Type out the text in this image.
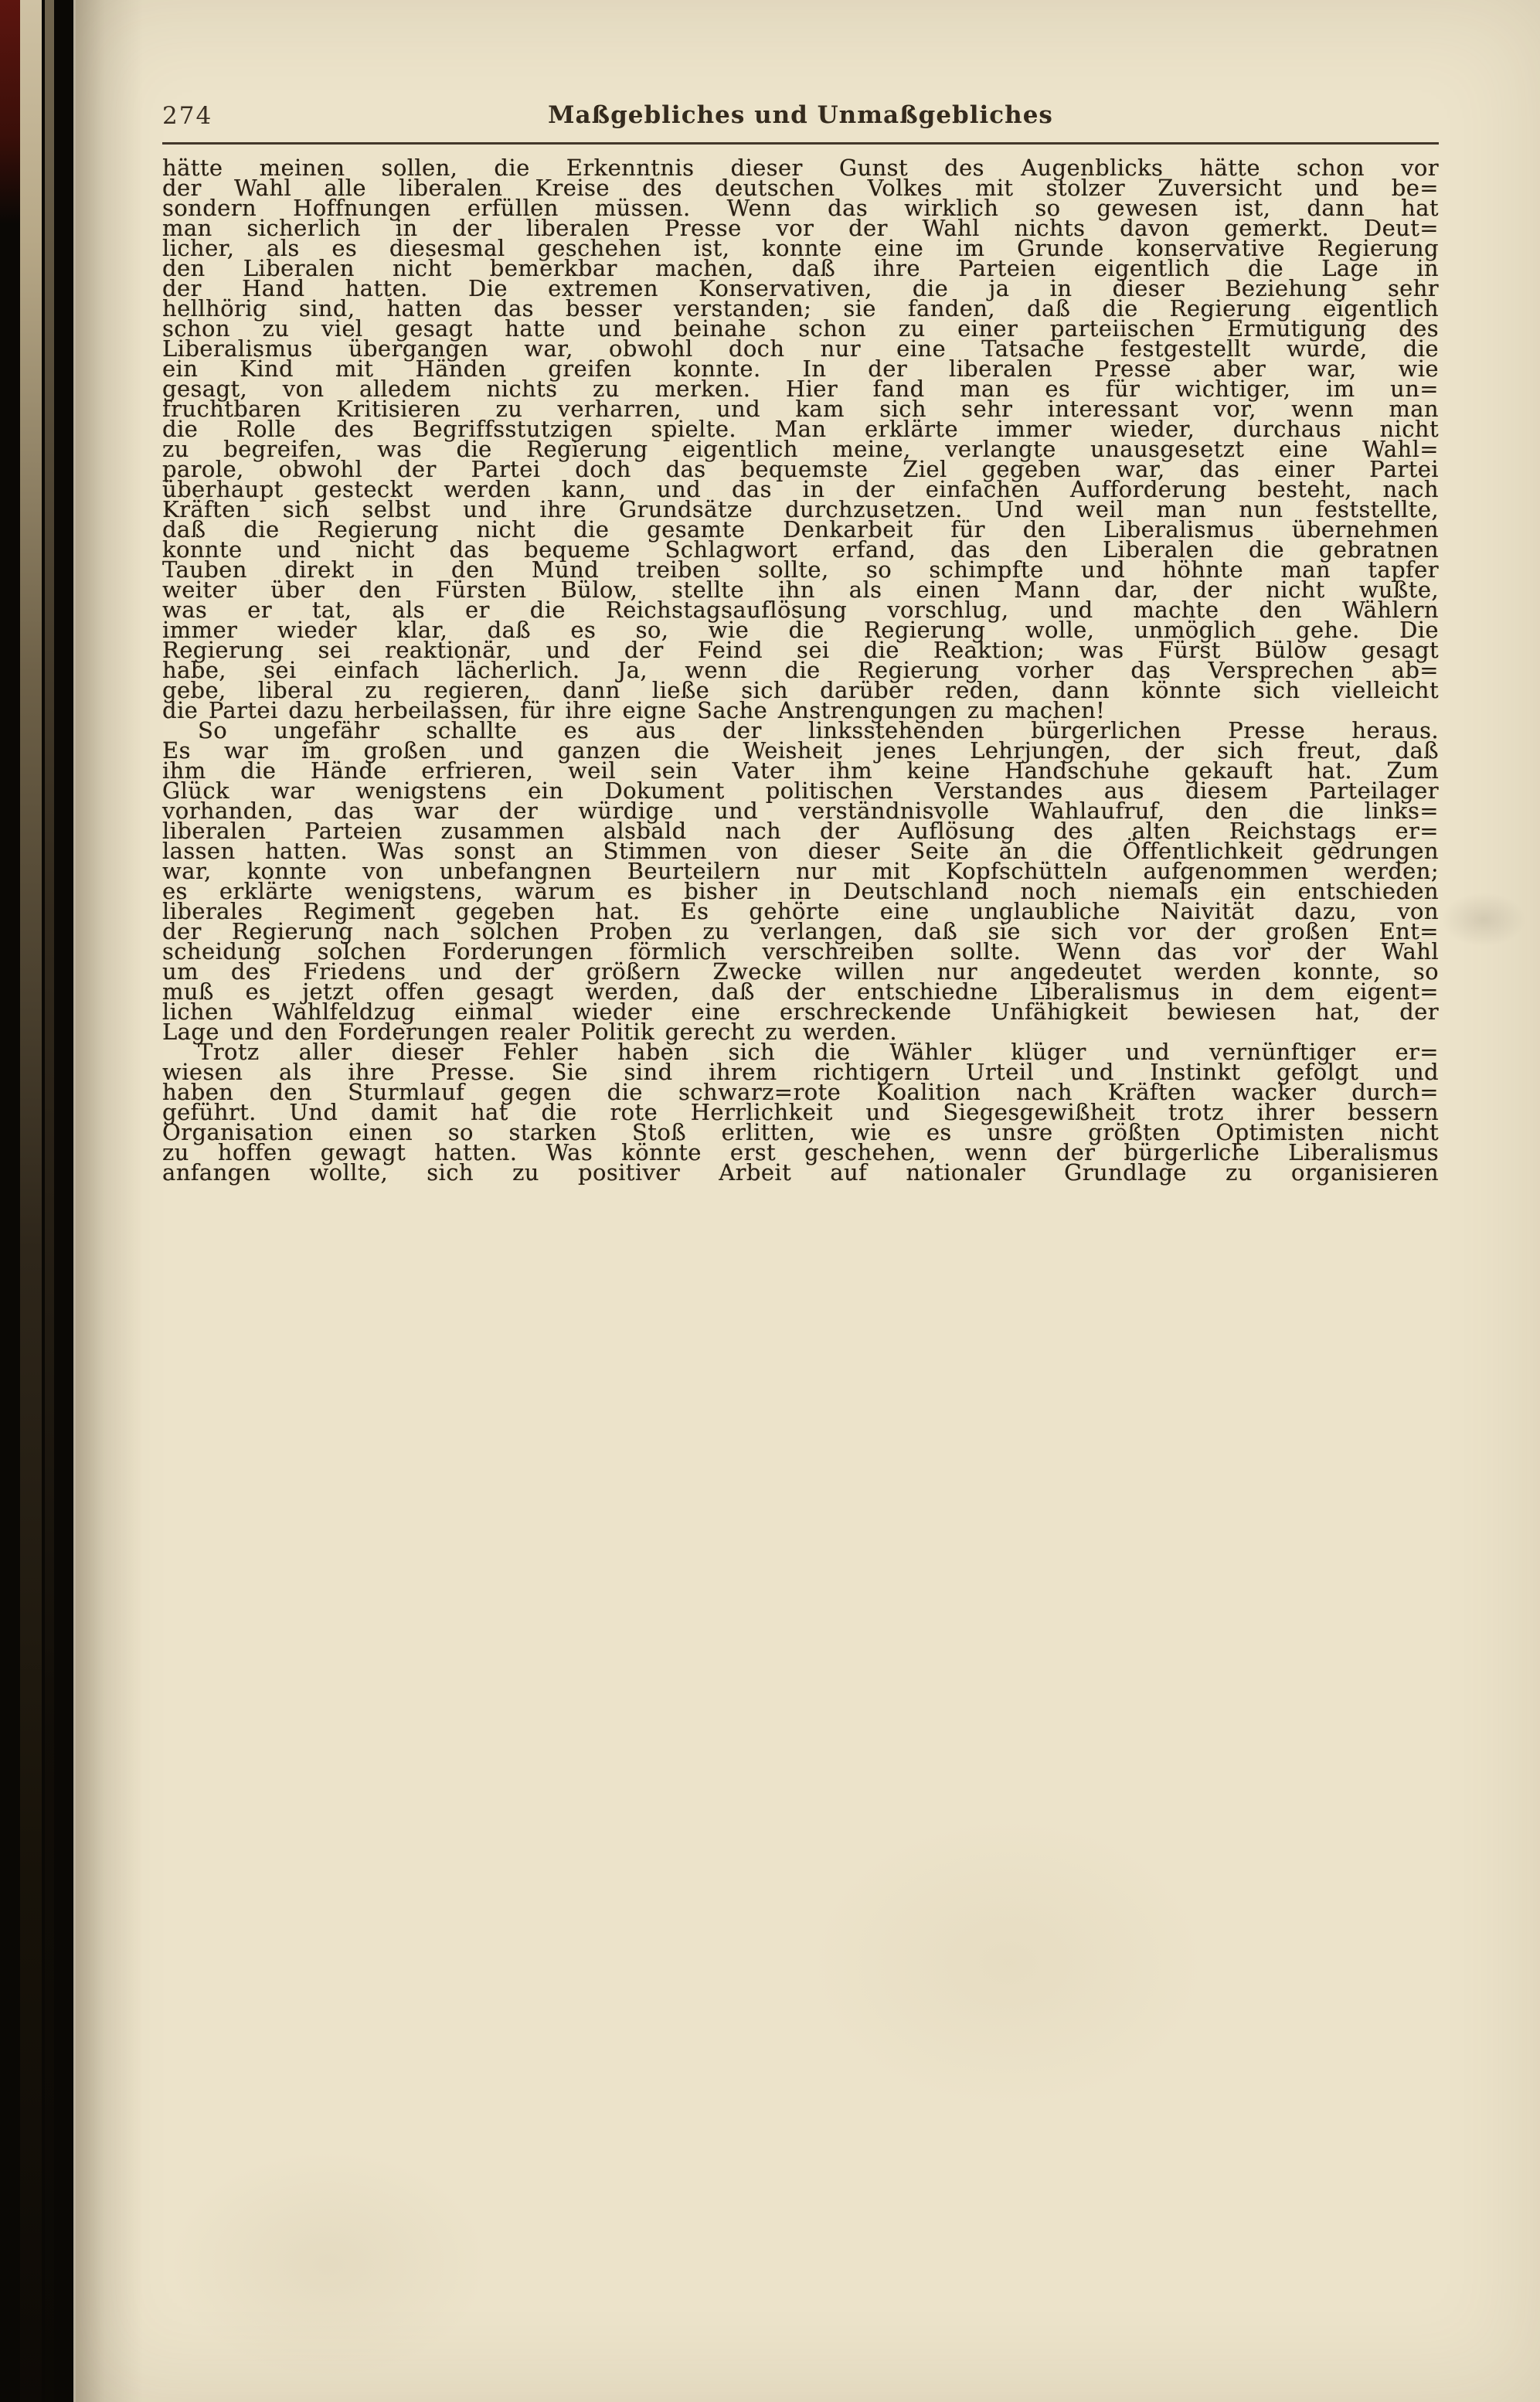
274	Maßgebliches und Unmaßgebliches
hätte meinen sollen, die Erkenntnis dieser Gunst des Augenblicks hätte schon vor
der Wahl alle liberalen Kreise des deutschen Volkes mit stolzer Zuversicht und be=
sondern Hoffnungen erfüllen müssen. Wenn das wirklich so gewesen ist, dann hat
man sicherlich in der liberalen Presse vor der Wahl nichts davon gemerkt. Deut=
licher, als es diesesmal geschehen ist, konnte eine im Grunde konservative Regierung
den Liberalen nicht bemerkbar machen, daß ihre Parteien eigentlich die Lage in
der Hand hatten. Die extremen Konservativen, die ja in dieser Beziehung sehr
hellhörig sind, hatten das besser verstanden; sie fanden, daß die Regierung eigentlich
schon zu viel gesagt hatte und beinahe schon zu einer parteiischen Ermutigung des
Liberalismus übergangen war, obwohl doch nur eine Tatsache festgestellt wurde, die
ein Kind mit Händen greifen konnte. In der liberalen Presse aber war, wie
gesagt, von alledem nichts zu merken. Hier fand man es für wichtiger, im un=
fruchtbaren Kritisieren zu verharren, und kam sich sehr interessant vor, wenn man
die Rolle des Begriffsstutzigen spielte. Man erklärte immer wieder, durchaus nicht
zu begreifen, was die Regierung eigentlich meine, verlangte unausgesetzt eine Wahl=
parole, obwohl der Partei doch das bequemste Ziel gegeben war, das einer Partei
überhaupt gesteckt werden kann, und das in der einfachen Aufforderung besteht, nach
Kräften sich selbst und ihre Grundsätze durchzusetzen. Und weil man nun feststellte,
daß die Regierung nicht die gesamte Denkarbeit für den Liberalismus übernehmen
konnte und nicht das bequeme Schlagwort erfand, das den Liberalen die gebratnen
Tauben direkt in den Mund treiben sollte, so schimpfte und höhnte man tapfer
weiter über den Fürsten Bülow, stellte ihn als einen Mann dar, der nicht wußte,
was er tat, als er die Reichstagsauflösung vorschlug, und machte den Wählern
immer wieder klar, daß es so, wie die Regierung wolle, unmöglich gehe. Die
Regierung sei reaktionär, und der Feind sei die Reaktion; was Fürst Bülow gesagt
habe, sei einfach lächerlich. Ja, wenn die Regierung vorher das Versprechen ab=
gebe, liberal zu regieren, dann ließe sich darüber reden, dann könnte sich vielleicht
die Partei dazu herbeilassen, für ihre eigne Sache Anstrengungen zu machen!
So ungefähr schallte es aus der linksstehenden bürgerlichen Presse heraus.
Es war im großen und ganzen die Weisheit jenes Lehrjungen, der sich freut, daß
ihm die Hände erfrieren, weil sein Vater ihm keine Handschuhe gekauft hat. Zum
Glück war wenigstens ein Dokument politischen Verstandes aus diesem Parteilager
vorhanden, das war der würdige und verständnisvolle Wahlaufruf, den die links=
liberalen Parteien zusammen alsbald nach der Auflösung des alten Reichstags er=
lassen hatten. Was sonst an Stimmen von dieser Seite an die Öffentlichkeit gedrungen
war, konnte von unbefangnen Beurteilern nur mit Kopfschütteln aufgenommen werden;
es erklärte wenigstens, warum es bisher in Deutschland noch niemals ein entschieden
liberales Regiment gegeben hat. Es gehörte eine unglaubliche Naivität dazu, von
der Regierung nach solchen Proben zu verlangen, daß sie sich vor der großen Ent=
scheidung solchen Forderungen förmlich verschreiben sollte. Wenn das vor der Wahl
um des Friedens und der größern Zwecke willen nur angedeutet werden konnte, so
muß es jetzt offen gesagt werden, daß der entschiedne Liberalismus in dem eigent=
lichen Wahlfeldzug einmal wieder eine erschreckende Unfähigkeit bewiesen hat, der
Lage und den Forderungen realer Politik gerecht zu werden.
Trotz aller dieser Fehler haben sich die Wähler klüger und vernünftiger er=
wiesen als ihre Presse. Sie sind ihrem richtigern Urteil und Instinkt gefolgt und
haben den Sturmlauf gegen die schwarz=rote Koalition nach Kräften wacker durch=
geführt. Und damit hat die rote Herrlichkeit und Siegesgewißheit trotz ihrer bessern
Organisation einen so starken Stoß erlitten, wie es unsre größten Optimisten nicht
zu hoffen gewagt hatten. Was könnte erst geschehen, wenn der bürgerliche Liberalismus
anfangen wollte, sich zu positiver Arbeit auf nationaler Grundlage zu organisieren
